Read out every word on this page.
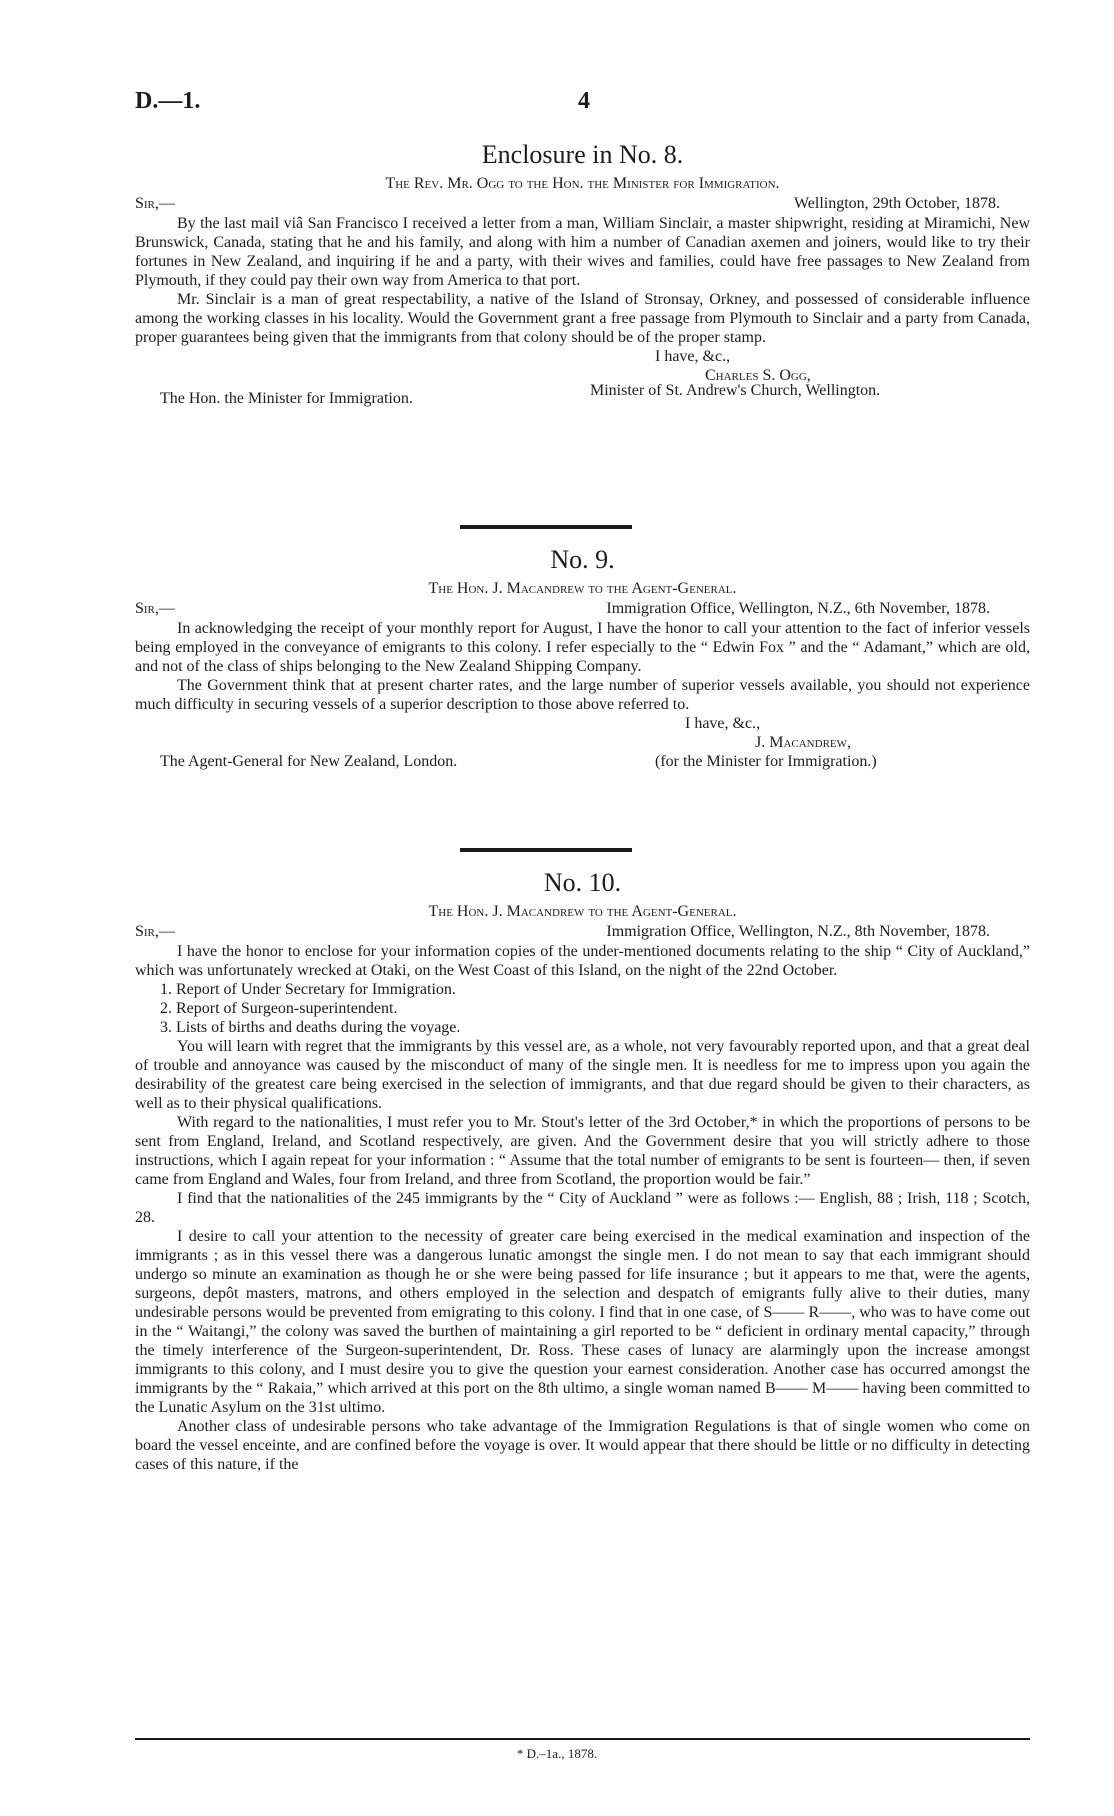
D.—1.	4
Enclosure in No. 8.
The Rev. Mr. Ogg to the Hon. the Minister for Immigration.
Sir,—	Wellington, 29th October, 1878.

By the last mail viâ San Francisco I received a letter from a man, William Sinclair, a master shipwright, residing at Miramichi, New Brunswick, Canada, stating that he and his family, and along with him a number of Canadian axemen and joiners, would like to try their fortunes in New Zealand, and inquiring if he and a party, with their wives and families, could have free passages to New Zealand from Plymouth, if they could pay their own way from America to that port.

Mr. Sinclair is a man of great respectability, a native of the Island of Stronsay, Orkney, and possessed of considerable influence among the working classes in his locality. Would the Government grant a free passage from Plymouth to Sinclair and a party from Canada, proper guarantees being given that the immigrants from that colony should be of the proper stamp.

I have, &c.,
Charles S. Ogg,
The Hon. the Minister for Immigration.	Minister of St. Andrew's Church, Wellington.
No. 9.
The Hon. J. Macandrew to the Agent-General.
Sir,—	Immigration Office, Wellington, N.Z., 6th November, 1878.

In acknowledging the receipt of your monthly report for August, I have the honor to call your attention to the fact of inferior vessels being employed in the conveyance of emigrants to this colony. I refer especially to the “ Edwin Fox ” and the “ Adamant,” which are old, and not of the class of ships belonging to the New Zealand Shipping Company.

The Government think that at present charter rates, and the large number of superior vessels available, you should not experience much difficulty in securing vessels of a superior description to those above referred to.

I have, &c.,
J. Macandrew,
The Agent-General for New Zealand, London.	(for the Minister for Immigration.)
No. 10.
The Hon. J. Macandrew to the Agent-General.
Sir,—	Immigration Office, Wellington, N.Z., 8th November, 1878.

I have the honor to enclose for your information copies of the under-mentioned documents relating to the ship “ City of Auckland,” which was unfortunately wrecked at Otaki, on the West Coast of this Island, on the night of the 22nd October.

1. Report of Under Secretary for Immigration.
2. Report of Surgeon-superintendent.
3. Lists of births and deaths during the voyage.

You will learn with regret that the immigrants by this vessel are, as a whole, not very favourably reported upon, and that a great deal of trouble and annoyance was caused by the misconduct of many of the single men. It is needless for me to impress upon you again the desirability of the greatest care being exercised in the selection of immigrants, and that due regard should be given to their characters, as well as to their physical qualifications.

With regard to the nationalities, I must refer you to Mr. Stout's letter of the 3rd October,* in which the proportions of persons to be sent from England, Ireland, and Scotland respectively, are given. And the Government desire that you will strictly adhere to those instructions, which I again repeat for your information : “ Assume that the total number of emigrants to be sent is fourteen— then, if seven came from England and Wales, four from Ireland, and three from Scotland, the proportion would be fair.”

I find that the nationalities of the 245 immigrants by the “ City of Auckland ” were as follows :— English, 88 ; Irish, 118 ; Scotch, 28.

I desire to call your attention to the necessity of greater care being exercised in the medical examination and inspection of the immigrants ; as in this vessel there was a dangerous lunatic amongst the single men. I do not mean to say that each immigrant should undergo so minute an examination as though he or she were being passed for life insurance ; but it appears to me that, were the agents, surgeons, depôt masters, matrons, and others employed in the selection and despatch of emigrants fully alive to their duties, many undesirable persons would be prevented from emigrating to this colony. I find that in one case, of S—— R——, who was to have come out in the “ Waitangi,” the colony was saved the burthen of maintaining a girl reported to be “ deficient in ordinary mental capacity,” through the timely interference of the Surgeon-superintendent, Dr. Ross. These cases of lunacy are alarmingly upon the increase amongst immigrants to this colony, and I must desire you to give the question your earnest consideration. Another case has occurred amongst the immigrants by the “ Rakaia,” which arrived at this port on the 8th ultimo, a single woman named B—— M—— having been committed to the Lunatic Asylum on the 31st ultimo.

Another class of undesirable persons who take advantage of the Immigration Regulations is that of single women who come on board the vessel enceinte, and are confined before the voyage is over. It would appear that there should be little or no difficulty in detecting cases of this nature, if the

* D.–1a., 1878.
